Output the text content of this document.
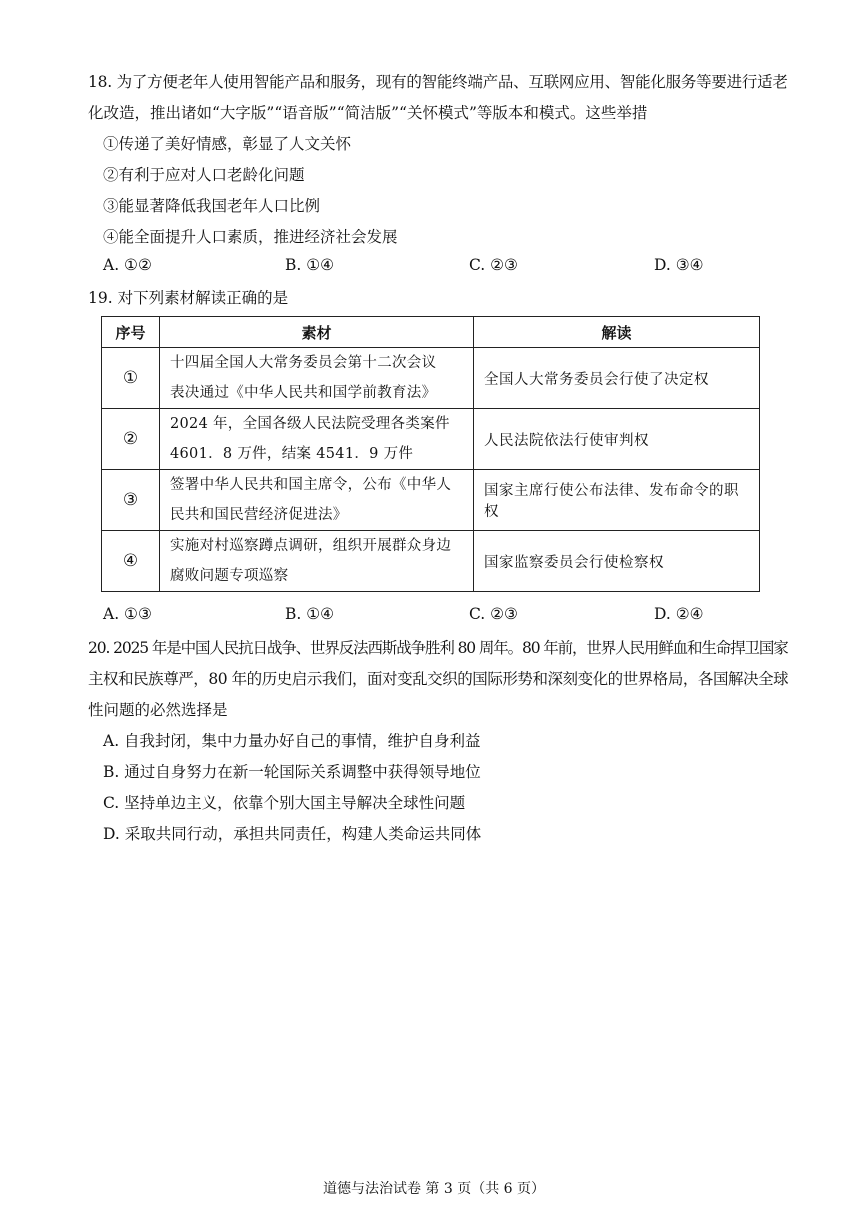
18. 为了方便老年人使用智能产品和服务，现有的智能终端产品、互联网应用、智能化服务等要进行适老
化改造，推出诸如“大字版”“语音版”“简洁版”“关怀模式”等版本和模式。这些举措
①传递了美好情感，彰显了人文关怀
②有利于应对人口老龄化问题
③能显著降低我国老年人口比例
④能全面提升人口素质，推进经济社会发展
A. ①②	B. ①④	C. ②③	D. ③④
19. 对下列素材解读正确的是
序号	素材	解读
①	十四届全国人大常务委员会第十二次会议
表决通过《中华人民共和国学前教育法》	全国人大常务委员会行使了决定权
②	2024 年，全国各级人民法院受理各类案件
4601．8 万件，结案 4541．9 万件	人民法院依法行使审判权
③	签署中华人民共和国主席令，公布《中华人
民共和国民营经济促进法》	国家主席行使公布法律、发布命令的职权
④	实施对村巡察蹲点调研，组织开展群众身边
腐败问题专项巡察	国家监察委员会行使检察权
A. ①③	B. ①④	C. ②③	D. ②④
20. 2025 年是中国人民抗日战争、世界反法西斯战争胜利 80 周年。80 年前，世界人民用鲜血和生命捍卫国家
主权和民族尊严，80 年的历史启示我们，面对变乱交织的国际形势和深刻变化的世界格局，各国解决全球
性问题的必然选择是
A. 自我封闭，集中力量办好自己的事情，维护自身利益
B. 通过自身努力在新一轮国际关系调整中获得领导地位
C. 坚持单边主义，依靠个别大国主导解决全球性问题
D. 采取共同行动，承担共同责任，构建人类命运共同体
道德与法治试卷 第 3 页（共 6 页）
